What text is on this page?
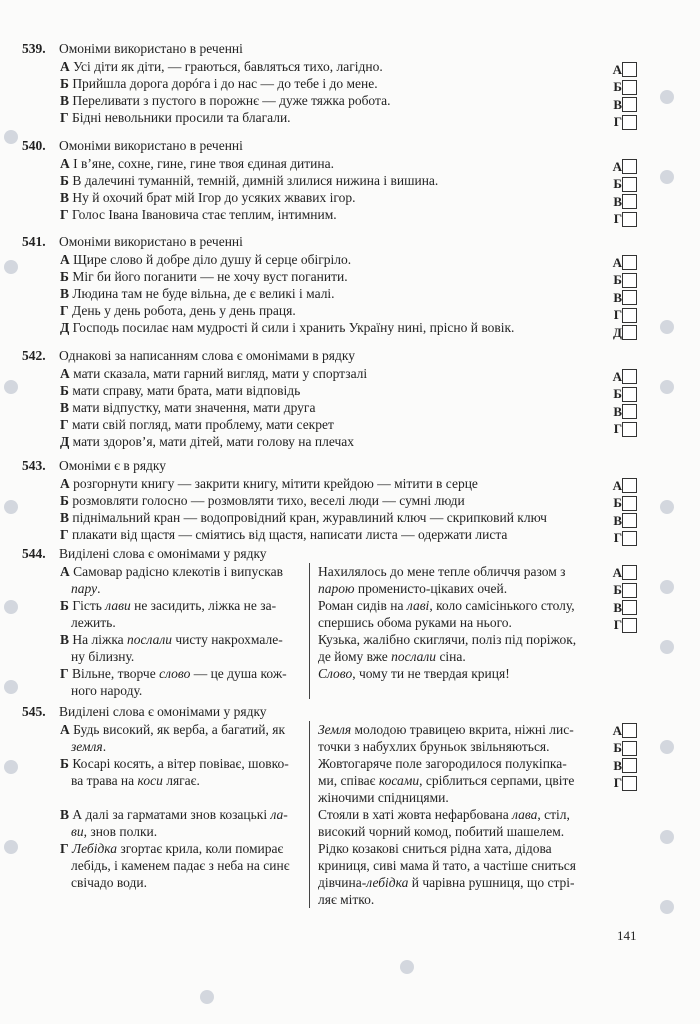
539. Омоніми використано в реченні
А Усі діти як діти, — граються, бавляться тихо, лагідно.
Б Прийшла дорога дорóга і до нас — до тебе і до мене.
В Переливати з пустого в порожнє — дуже тяжка робота.
Г Бідні невольники просили та благали.
540. Омоніми використано в реченні
А І в’яне, сохне, гине, гине твоя єдиная дитина.
Б В далечині туманній, темній, димній злилися нижина і вишина.
В Ну й охочий брат мій Ігор до усяких жвавих ігор.
Г Голос Івана Івановича стає теплим, інтимним.
541. Омоніми використано в реченні
А Щире слово й добре діло душу й серце обігріло.
Б Міг би його поганити — не хочу вуст поганити.
В Людина там не буде вільна, де є великі і малі.
Г День у день робота, день у день праця.
Д Господь посилає нам мудрості й сили і хранить Україну нині, прісно й вовік.
542. Однакові за написанням слова є омонімами в рядку
А мати сказала, мати гарний вигляд, мати у спортзалі
Б мати справу, мати брата, мати відповідь
В мати відпустку, мати значення, мати друга
Г мати свій погляд, мати проблему, мати секрет
Д мати здоров’я, мати дітей, мати голову на плечах
543. Омоніми є в рядку
А розгорнути книгу — закрити книгу, мітити крейдою — мітити в серце
Б розмовляти голосно — розмовляти тихо, веселі люди — сумні люди
В піднімальний кран — водопровідний кран, журавлиний ключ — скрипковий ключ
Г плакати від щастя — сміятись від щастя, написати листа — одержати листа
А
Б
В
Г
А
Б
В
Г
А
Б
В
Г
Д
А
Б
В
Г
А
Б
В
Г
544. Виділені слова є омонімами у рядку
А Самовар радісно клекотів і випускав
пару.
Нахилялось до мене тепле обличчя разом з
парою променисто-цікавих очей.
Б Гість лави не засидить, ліжка не за-
лежить.
Роман сидів на лаві, коло самісінького столу,
спершись обома руками на нього.
В На ліжка послали чисту накрохмале-
ну білизну.
Кузька, жалібно скиглячи, поліз під поріжок,
де йому вже послали сіна.
Г Вільне, творче слово — це душа кож-
ного народу.
Слово, чому ти не твердая криця!
545. Виділені слова є омонімами у рядку
А Будь високий, як верба, а багатий, як
земля.
Земля молодою травицею вкрита, ніжні лис-
точки з набухлих бруньок звільняються.
Б Косарі косять, а вітер повіває, шовко-
ва трава на коси лягає.
Жовтогаряче поле загородилося полукіпка-
ми, співає косами, сріблиться серпами, цвіте
жіночими спідницями.
В А далі за гарматами знов козацькі ла-
ви, знов полки.
Стояли в хаті жовта нефарбована лава, стіл,
високий чорний комод, побитий шашелем.
Г Лебідка згортає крила, коли помирає
лебідь, і каменем падає з неба на синє
свічадо води.
Рідко козакові сниться рідна хата, дідова
криниця, сиві мама й тато, а частіше сниться
дівчина-лебідка й чарівна рушниця, що стрі-
ляє мітко.
А
Б
В
Г
А
Б
В
Г
141
